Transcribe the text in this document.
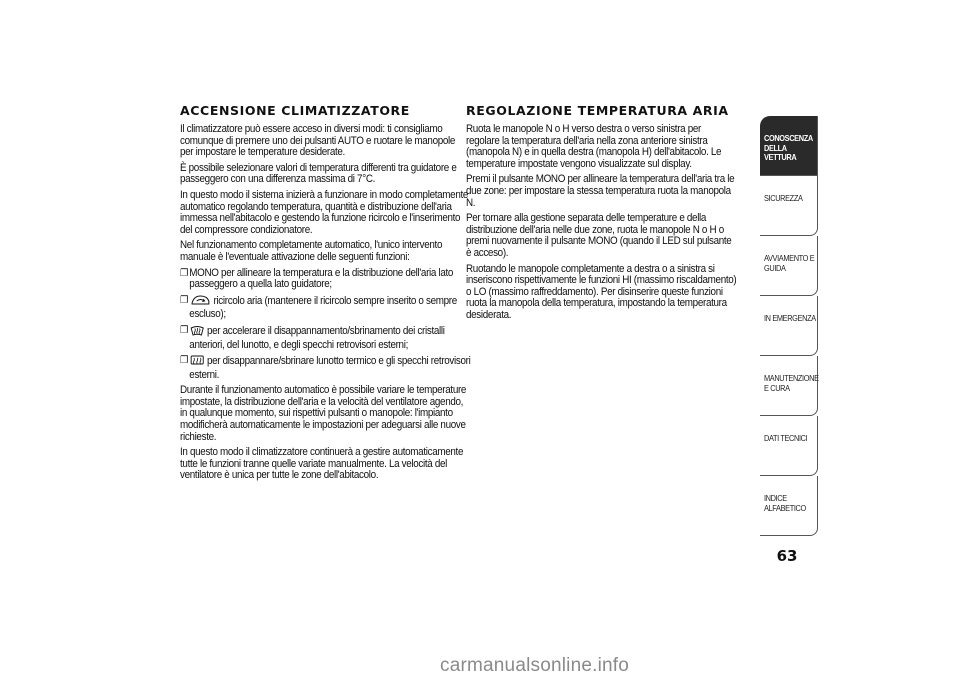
ACCENSIONE CLIMATIZZATORE

Il climatizzatore può essere acceso in diversi modi: ti consigliamo comunque di premere uno dei pulsanti AUTO e ruotare le manopole per impostare le temperature desiderate.

È possibile selezionare valori di temperatura differenti tra guidatore e passeggero con una differenza massima di 7°C.

In questo modo il sistema inizierà a funzionare in modo completamente automatico regolando temperatura, quantità e distribuzione dell'aria immessa nell'abitacolo e gestendo la funzione ricircolo e l'inserimento del compressore condizionatore.

Nel funzionamento completamente automatico, l'unico intervento manuale è l'eventuale attivazione delle seguenti funzioni:

❐ MONO per allineare la temperatura e la distribuzione dell'aria lato passeggero a quella lato guidatore;

❐ ricircolo aria (mantenere il ricircolo sempre inserito o sempre escluso);

❐ per accelerare il disappannamento/sbrinamento dei cristalli anteriori, del lunotto, e degli specchi retrovisori esterni;

❐ per disappannare/sbrinare lunotto termico e gli specchi retrovisori esterni.

Durante il funzionamento automatico è possibile variare le temperature impostate, la distribuzione dell'aria e la velocità del ventilatore agendo, in qualunque momento, sui rispettivi pulsanti o manopole: l'impianto modificherà automaticamente le impostazioni per adeguarsi alle nuove richieste.

In questo modo il climatizzatore continuerà a gestire automaticamente tutte le funzioni tranne quelle variate manualmente. La velocità del ventilatore è unica per tutte le zone dell'abitacolo.

REGOLAZIONE TEMPERATURA ARIA

Ruota le manopole N o H verso destra o verso sinistra per regolare la temperatura dell'aria nella zona anteriore sinistra (manopola N) e in quella destra (manopola H) dell'abitacolo. Le temperature impostate vengono visualizzate sul display.

Premi il pulsante MONO per allineare la temperatura dell'aria tra le due zone: per impostare la stessa temperatura ruota la manopola N.

Per tornare alla gestione separata delle temperature e della distribuzione dell'aria nelle due zone, ruota le manopole N o H o premi nuovamente il pulsante MONO (quando il LED sul pulsante è acceso).

Ruotando le manopole completamente a destra o a sinistra si inseriscono rispettivamente le funzioni HI (massimo riscaldamento) o LO (massimo raffreddamento). Per disinserire queste funzioni ruota la manopola della temperatura, impostando la temperatura desiderata.

CONOSCENZA DELLA VETTURA
SICUREZZA
AVVIAMENTO E GUIDA
IN EMERGENZA
MANUTENZIONE E CURA
DATI TECNICI
INDICE ALFABETICO
63
carmanualsonline.info
